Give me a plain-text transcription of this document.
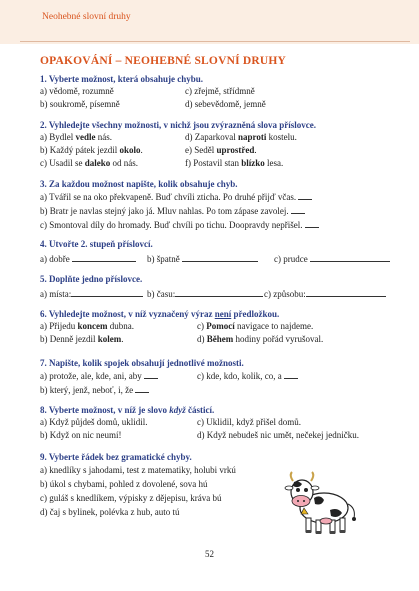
Neohebné slovní druhy
OPAKOVÁNÍ – NEOHEBNÉ SLOVNÍ DRUHY
1. Vyberte možnost, která obsahuje chybu.
a) vědomě, rozumně	c) zřejmě, střídmně
b) soukromě, písemně	d) sebevědomě, jemně
2. Vyhledejte všechny možnosti, v nichž jsou zvýrazněná slova příslovce.
a) Bydlel vedle nás.	d) Zaparkoval naproti kostelu.
b) Každý pátek jezdil okolo.	e) Seděl uprostřed.
c) Usadil se daleko od nás.	f) Postavil stan blízko lesa.
3. Za každou možnost napište, kolik obsahuje chyb.
a) Tvářil se na oko překvapeně. Buď chvíli zticha. Po druhé přijď včas.
b) Bratr je navlas stejný jako já. Mluv nahlas. Po tom zápase zavolej.
c) Smontoval díly do hromady. Buď chvíli po tichu. Doopravdy nepřišel.
4. Utvořte 2. stupeň příslovcí.
a) dobře	b) špatně	c) prudce
5. Doplňte jedno příslovce.
a) místa:	b) času:	c) způsobu:
6. Vyhledejte možnost, v níž vyznačený výraz není předložkou.
a) Přijedu koncem dubna.	c) Pomocí navigace to najdeme.
b) Denně jezdil kolem.	d) Během hodiny pořád vyrušoval.
7. Napište, kolik spojek obsahují jednotlivé možnosti.
a) protože, ale, kde, ani, aby	c) kde, kdo, kolik, co, a
b) který, jenž, neboť, i, že
8. Vyberte možnost, v níž je slovo když částicí.
a) Když půjdeš domů, uklidil.	c) Uklidil, když přišel domů.
b) Když on nic neumí!	d) Když nebudeš nic umět, nečekej jedničku.
9. Vyberte řádek bez gramatické chyby.
a) knedlíky s jahodami, test z matematiky, holubi vrkú
b) úkol s chybami, pohled z dovolené, sova hú
c) guláš s knedlíkem, výpisky z dějepisu, kráva bú
d) čaj s bylinek, polévka z hub, auto tú
52
